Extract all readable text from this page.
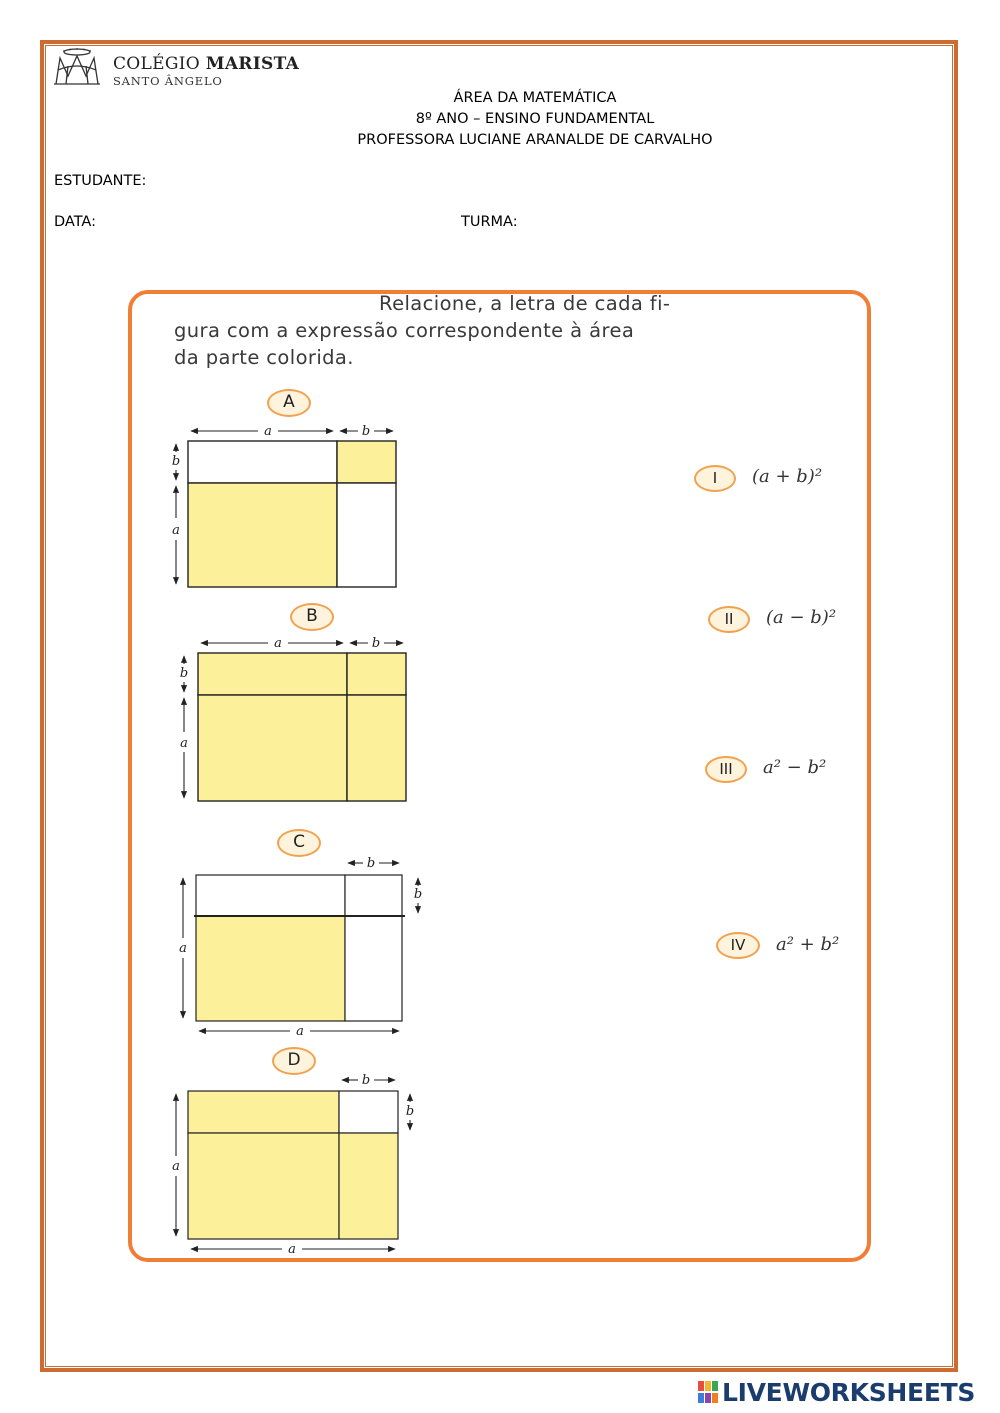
COLÉGIO MARISTA
SANTO ÂNGELO
ÁREA DA MATEMÁTICA
8º ANO – ENSINO FUNDAMENTAL
PROFESSORA LUCIANE ARANALDE DE CARVALHO
ESTUDANTE:
DATA:	TURMA:
Relacione, a letra de cada fi-
gura com a expressão correspondente à área
da parte colorida.
A
B
C
D
a	b
b
a
a	b
b
a
b
b
a
a
b
b
a
a
I	(a + b)²
II	(a − b)²
III	a² − b²
IV	a² + b²
LIVEWORKSHEETS
